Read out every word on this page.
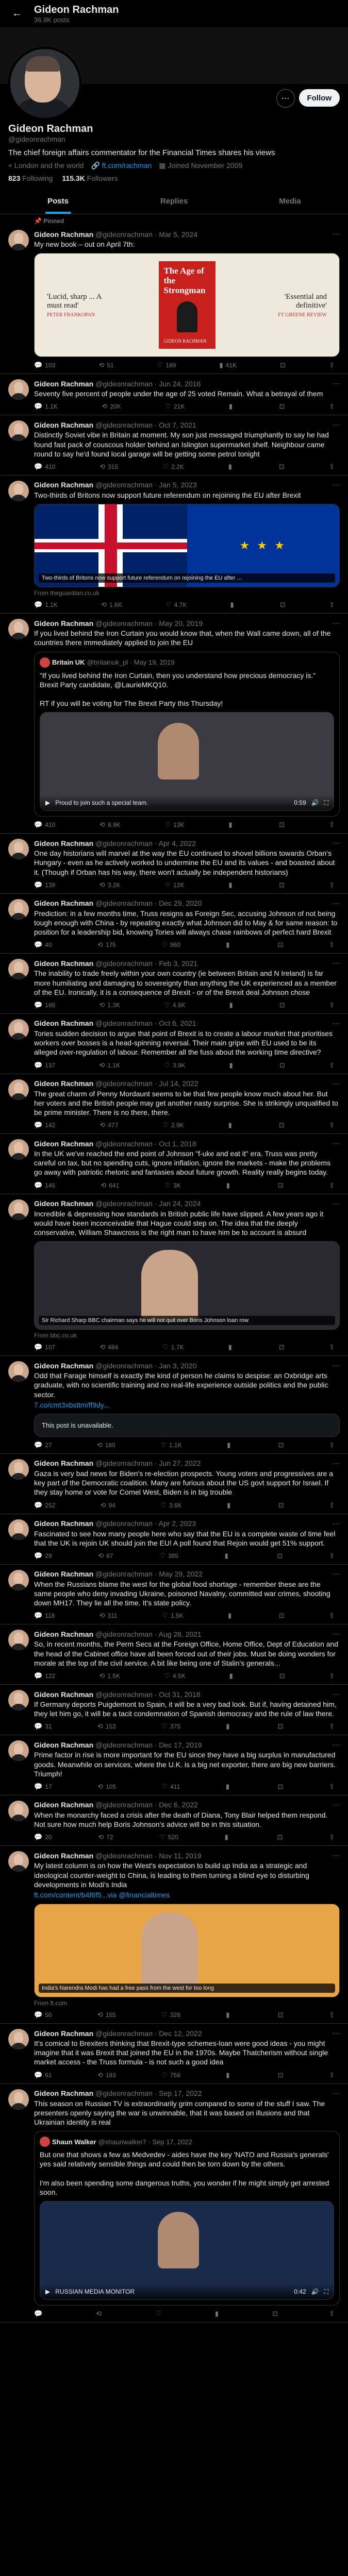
←	Gideon Rachman
36.9K posts
⋯	Follow
Gideon Rachman
@gideonrachman
The chief foreign affairs commentator for the Financial Times shares his views
⌖ London and the world 🔗 ft.com/rachman ▦ Joined November 2009
823 Following 115.3K Followers
Posts	Replies	Media
📌 Pinned
Gideon Rachman @gideonrachman · Mar 5, 2024	⋯
My new book – out on April 7th:
'Lucid, sharp ... A must read'
PETER FRANKOPAN
The Age of the Strongman
GIDEON RACHMAN
'Essential and definitive'
FT GREENE REVIEW
💬 103	⟲ 51	♡ 189	▮ 41K	⊡	⇪
Gideon Rachman @gideonrachman · Jun 24, 2016	⋯
Seventy five percent of people under the age of 25 voted Remain. What a betrayal of them
💬 1.1K	⟲ 20K	♡ 21K	▮	⊡	⇪
Gideon Rachman @gideonrachman · Oct 7, 2021	⋯
Distinctly Soviet vibe in Britain at moment. My son just messaged triumphantly to say he had found fast pack of couscous holder behind an Islington supermarket shelf. Neighbour came round to say he'd found local garage will be getting some petrol tonight
💬 410	⟲ 315	♡ 2.2K	▮	⊡	⇪
Gideon Rachman @gideonrachman · Jan 5, 2023	⋯
Two-thirds of Britons now support future referendum on rejoining the EU after Brexit
★ ★ ★
Two-thirds of Britons now support future referendum on rejoining the EU after ...
From theguardian.co.uk
💬 1.1K	⟲ 1.6K	♡ 4.7K	▮	⊡	⇪
Gideon Rachman @gideonrachman · May 20, 2019	⋯
If you lived behind the Iron Curtain you would know that, when the Wall came down, all of the countries there immediately applied to join the EU
Britain UK @britainuk_pl · May 19, 2019
"If you lived behind the Iron Curtain, then you understand how precious democracy is." Brexit Party candidate, @LaurieMKQ10.

RT if you will be voting for The Brexit Party this Thursday!
▶ Proud to join such a special team.	0:59 🔊 ⛶
💬 410	⟲ 8.9K	♡ 13K	▮	⊡	⇪
Gideon Rachman @gideonrachman · Apr 4, 2022	⋯
One day historians will marvel at the way the EU continued to shovel billions towards Orban's Hungary - even as he actively worked to undermine the EU and its values - and boasted about it. (Though if Orban has his way, there won't actually be independent historians)
💬 139	⟲ 3.2K	♡ 12K	▮	⊡	⇪
Gideon Rachman @gideonrachman · Dec 29, 2020	⋯
Prediction: in a few months time, Truss resigns as Foreign Sec, accusing Johnson of not being tough enough with China - by repeating exactly what Johnson did to May & for same reason: to position for a leadership bid, knowing Tories will always chase rainbows of perfect hard Brexit
💬 40	⟲ 175	♡ 960	▮	⊡	⇪
Gideon Rachman @gideonrachman · Feb 3, 2021	⋯
The inability to trade freely within your own country (ie between Britain and N Ireland) is far more humiliating and damaging to sovereignty than anything the UK experienced as a member of the EU. Ironically, it is a consequence of Brexit - or of the Brexit deal Johnson chose
💬 166	⟲ 1.3K	♡ 4.6K	▮	⊡	⇪
Gideon Rachman @gideonrachman · Oct 6, 2021	⋯
Tories sudden decision to argue that point of Brexit is to create a labour market that prioritises workers over bosses is a head-spinning reversal. Their main gripe with EU used to be its alleged over-regulation of labour. Remember all the fuss about the working time directive?
💬 137	⟲ 1.1K	♡ 3.9K	▮	⊡	⇪
Gideon Rachman @gideonrachman · Jul 14, 2022	⋯
The great charm of Penny Mordaunt seems to be that few people know much about her. But her voters and the British people may get another nasty surprise. She is strikingly unqualified to be prime minister. There is no there, there.
💬 142	⟲ 477	♡ 2.9K	▮	⊡	⇪
Gideon Rachman @gideonrachman · Oct 1, 2018	⋯
In the UK we've reached the end point of Johnson "f-uke and eat it" era. Truss was pretty careful on tax, but no spending cuts, ignore inflation, ignore the markets - make the problems go away with patriotic rhetoric and fantasies about future growth. Reality really begins today.
💬 145	⟲ 641	♡ 3K	▮	⊡	⇪
Gideon Rachman @gideonrachman · Jan 24, 2024	⋯
Incredible & depressing how standards in British public life have slipped. A few years ago it would have been inconceivable that Hague could step on. The idea that the deeply conservative, William Shawcross is the right man to have him be to account is absurd
Sir Richard Sharp BBC chairman says he will not quit over Boris Johnson loan row
From bbc.co.uk
💬 107	⟲ 484	♡ 1.7K	▮	⊡	⇪
Gideon Rachman @gideonrachman · Jan 3, 2020	⋯
Odd that Farage himself is exactly the kind of person he claims to despise: an Oxbridge arts graduate, with no scientific training and no real-life experience outside politics and the public sector.
7.co/cmt3xbsttm/ff9dy...
This post is unavailable.
💬 27	⟲ 180	♡ 1.1K	▮	⊡	⇪
Gideon Rachman @gideonrachman · Jun 27, 2022	⋯
Gaza is very bad news for Biden's re-election prospects. Young voters and progressives are a key part of the Democratic coalition. Many are furious about the US govt support for Israel. If they stay home or vote for Cornel West, Biden is in big trouble
💬 252	⟲ 94	♡ 3.6K	▮	⊡	⇪
Gideon Rachman @gideonrachman · Apr 2, 2023	⋯
Fascinated to see how many people here who say that the EU is a complete waste of time feel that the UK is rejoin UK should join the EU! A poll found that Rejoin would get 51% support.
💬 29	⟲ 87	♡ 385	▮	⊡	⇪
Gideon Rachman @gideonrachman · May 29, 2022	⋯
When the Russians blame the west for the global food shortage - remember these are the same people who deny invading Ukraine, poisoned Navalny, committed war crimes, shooting down MH17. They lie all the time. It's state policy.
💬 118	⟲ 311	♡ 1.5K	▮	⊡	⇪
Gideon Rachman @gideonrachman · Aug 28, 2021	⋯
So, in recent months, the Perm Secs at the Foreign Office, Home Office, Dept of Education and the head of the Cabinet office have all been forced out of their jobs. Must be doing wonders for morale at the top of the civil service. A bit like being one of Stalin's generals...
💬 122	⟲ 1.5K	♡ 4.5K	▮	⊡	⇪
Gideon Rachman @gideonrachman · Oct 31, 2018	⋯
If Germany deports Puigdemont to Spain, it will be a very bad look. But if, having detained him, they let him go, it will be a tacit condemnation of Spanish democracy and the rule of law there.
💬 31	⟲ 153	♡ 375	▮	⊡	⇪
Gideon Rachman @gideonrachman · Dec 17, 2019	⋯
Prime factor in rise is more important for the EU since they have a big surplus in manufactured goods. Meanwhile on services, where the U.K. is a big net exporter, there are big new barriers. Triumph!
💬 17	⟲ 105	♡ 411	▮	⊡	⇪
Gideon Rachman @gideonrachman · Dec 6, 2022	⋯
When the monarchy faced a crisis after the death of Diana, Tony Blair helped them respond. Not sure how much help Boris Johnson's advice will be in this situation.
💬 20	⟲ 72	♡ 520	▮	⊡	⇪
Gideon Rachman @gideonrachman · Nov 11, 2019	⋯
My latest column is on how the West's expectation to build up India as a strategic and ideological counter-weight to China, is leading to them turning a blind eye to disturbing developments in Modi's India
ft.com/content/b4f6f5...via @financialtimes
India's Narendra Modi has had a free pass from the west for too long
From ft.com
💬 50	⟲ 155	♡ 326	▮	⊡	⇪
Gideon Rachman @gideonrachman · Dec 12, 2022	⋯
It's comical to Brexiters thinking that Brexit-type schemes-loan were good ideas - you might imagine that it was Brexit that joined the EU in the 1970s. Maybe Thatcherism without single market access - the Truss formula - is not such a good idea
💬 61	⟲ 183	♡ 758	▮	⊡	⇪
Gideon Rachman @gideonrachman · Sep 17, 2022	⋯
This season on Russian TV is extraordinarily grim compared to some of the stuff I saw. The presenters openly saying the war is unwinnable, that it was based on illusions and that Ukrainian identity is real
Shaun Walker @shaunwalker7 · Sep 17, 2022
But one that shows a few as Medvedev - aides have the key 'NATO and Russia's generals' yes said relatively sensible things and could then be torn down by the others.

I'm also been spending some dangerous truths, you wonder if he might simply get arrested soon.
▶ RUSSIAN MEDIA MONITOR	0:42 🔊 ⛶
💬	⟲	♡	▮	⊡	⇪
